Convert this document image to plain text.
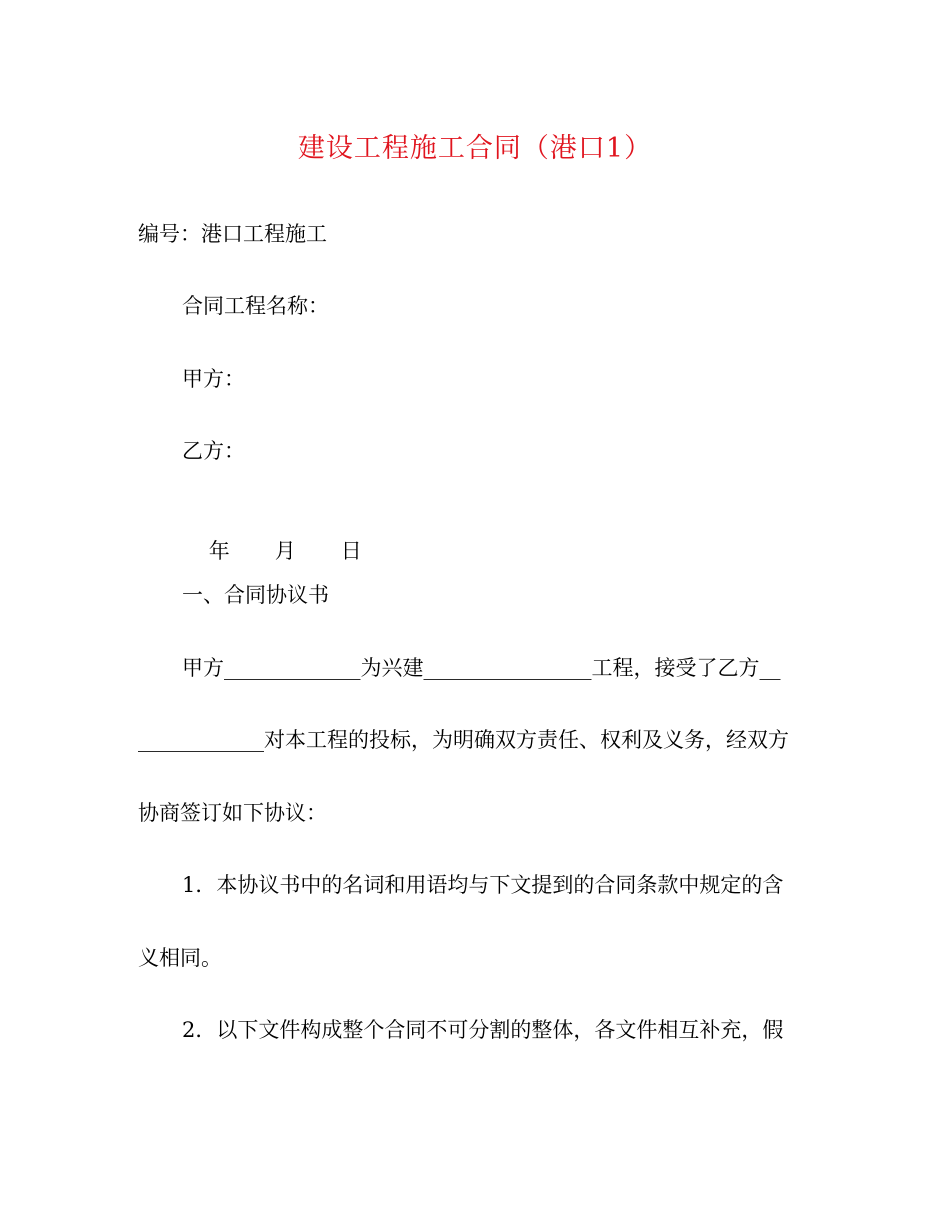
建设工程施工合同（港口1）
编号：港口工程施工
合同工程名称：
甲方：
乙方：

年 月 日

一、合同协议书
甲方_____________为兴建________________工程，接受了乙方__
____________对本工程的投标，为明确双方责任、权利及义务，经双方
协商签订如下协议：
1．本协议书中的名词和用语均与下文提到的合同条款中规定的含
义相同。
2．以下文件构成整个合同不可分割的整体，各文件相互补充，假
